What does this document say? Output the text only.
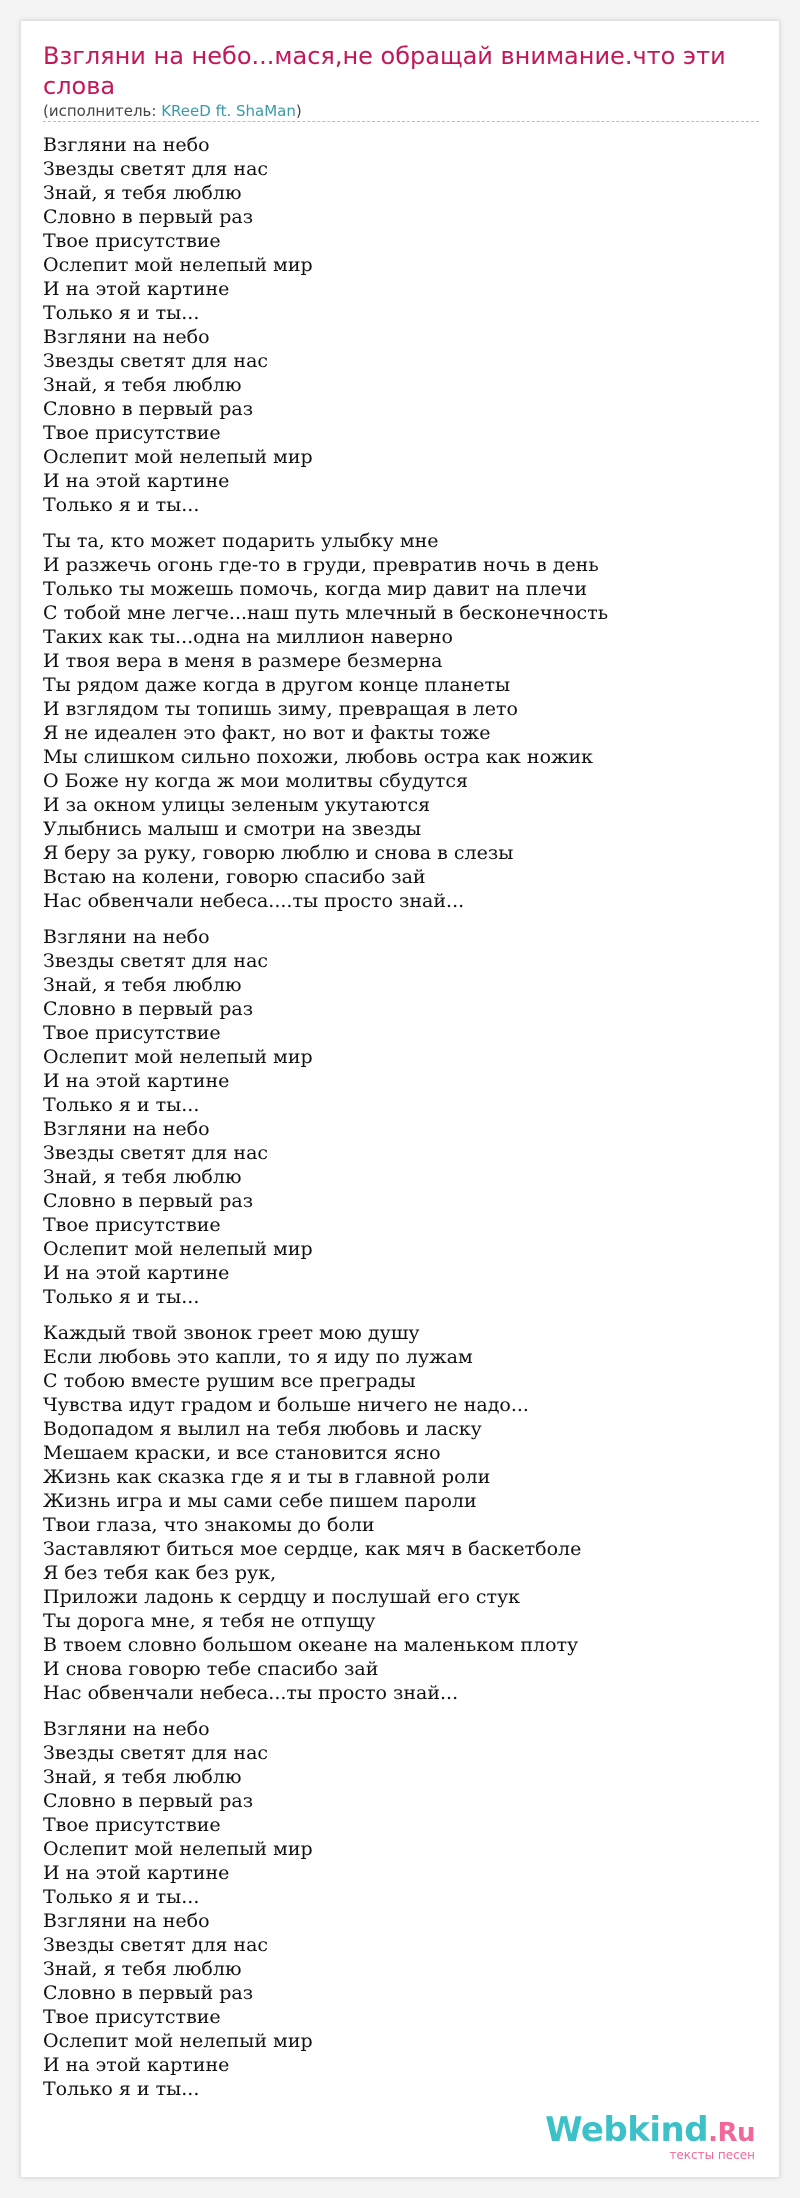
Взгляни на небо...мася,не обращай внимание.что эти слова
(исполнитель: KReeD ft. ShaMan)
Взгляни на небо
Звезды светят для нас
Знай, я тебя люблю
Словно в первый раз
Твое присутствие
Ослепит мой нелепый мир
И на этой картине
Только я и ты...
Взгляни на небо
Звезды светят для нас
Знай, я тебя люблю
Словно в первый раз
Твое присутствие
Ослепит мой нелепый мир
И на этой картине
Только я и ты...
Ты та, кто может подарить улыбку мне
И разжечь огонь где-то в груди, превратив ночь в день
Только ты можешь помочь, когда мир давит на плечи
С тобой мне легче...наш путь млечный в бесконечность
Таких как ты...одна на миллион наверно
И твоя вера в меня в размере безмерна
Ты рядом даже когда в другом конце планеты
И взглядом ты топишь зиму, превращая в лето
Я не идеален это факт, но вот и факты тоже
Мы слишком сильно похожи, любовь остра как ножик
О Боже ну когда ж мои молитвы сбудутся
И за окном улицы зеленым укутаются
Улыбнись малыш и смотри на звезды
Я беру за руку, говорю люблю и снова в слезы
Встаю на колени, говорю спасибо зай
Нас обвенчали небеса....ты просто знай...
Взгляни на небо
Звезды светят для нас
Знай, я тебя люблю
Словно в первый раз
Твое присутствие
Ослепит мой нелепый мир
И на этой картине
Только я и ты...
Взгляни на небо
Звезды светят для нас
Знай, я тебя люблю
Словно в первый раз
Твое присутствие
Ослепит мой нелепый мир
И на этой картине
Только я и ты...
Каждый твой звонок греет мою душу
Если любовь это капли, то я иду по лужам
С тобою вместе рушим все преграды
Чувства идут градом и больше ничего не надо...
Водопадом я вылил на тебя любовь и ласку
Мешаем краски, и все становится ясно
Жизнь как сказка где я и ты в главной роли
Жизнь игра и мы сами себе пишем пароли
Твои глаза, что знакомы до боли
Заставляют биться мое сердце, как мяч в баскетболе
Я без тебя как без рук,
Приложи ладонь к сердцу и послушай его стук
Ты дорога мне, я тебя не отпущу
В твоем словно большом океане на маленьком плоту
И снова говорю тебе спасибо зай
Нас обвенчали небеса...ты просто знай...
Взгляни на небо
Звезды светят для нас
Знай, я тебя люблю
Словно в первый раз
Твое присутствие
Ослепит мой нелепый мир
И на этой картине
Только я и ты...
Взгляни на небо
Звезды светят для нас
Знай, я тебя люблю
Словно в первый раз
Твое присутствие
Ослепит мой нелепый мир
И на этой картине
Только я и ты...
Webkind.Ru
тексты песен
